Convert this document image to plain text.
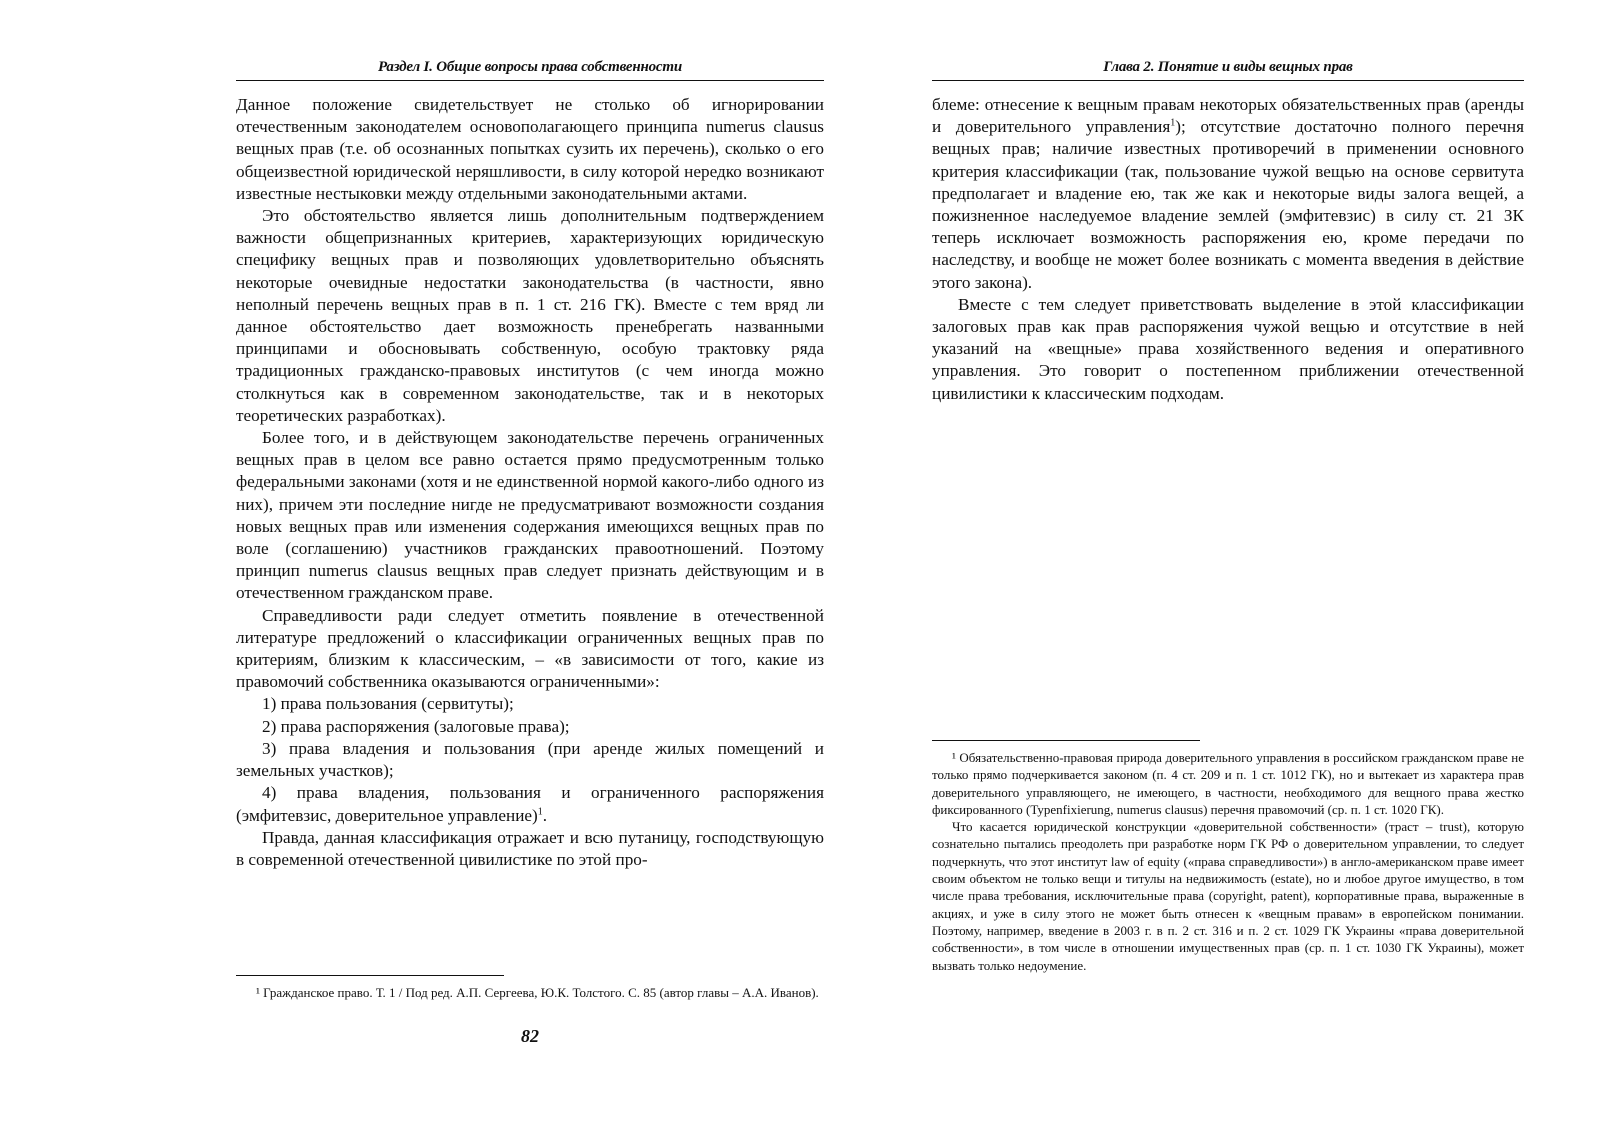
Раздел I. Общие вопросы права собственности

Данное положение свидетельствует не столько об игнорировании отечественным законодателем основополагающего принципа numerus clausus вещных прав (т.е. об осознанных попытках сузить их перечень), сколько о его общеизвестной юридической неряшливости, в силу которой нередко возникают известные нестыковки между отдельными законодательными актами.

Это обстоятельство является лишь дополнительным подтверждением важности общепризнанных критериев, характеризующих юридическую специфику вещных прав и позволяющих удовлетворительно объяснять некоторые очевидные недостатки законодательства (в частности, явно неполный перечень вещных прав в п. 1 ст. 216 ГК). Вместе с тем вряд ли данное обстоятельство дает возможность пренебрегать названными принципами и обосновывать собственную, особую трактовку ряда традиционных гражданско-правовых институтов (с чем иногда можно столкнуться как в современном законодательстве, так и в некоторых теоретических разработках).

Более того, и в действующем законодательстве перечень ограниченных вещных прав в целом все равно остается прямо предусмотренным только федеральными законами (хотя и не единственной нормой какого-либо одного из них), причем эти последние нигде не предусматривают возможности создания новых вещных прав или изменения содержания имеющихся вещных прав по воле (соглашению) участников гражданских правоотношений. Поэтому принцип numerus clausus вещных прав следует признать действующим и в отечественном гражданском праве.

Справедливости ради следует отметить появление в отечественной литературе предложений о классификации ограниченных вещных прав по критериям, близким к классическим, – «в зависимости от того, какие из правомочий собственника оказываются ограниченными»:

1) права пользования (сервитуты);

2) права распоряжения (залоговые права);

3) права владения и пользования (при аренде жилых помещений и земельных участков);

4) права владения, пользования и ограниченного распоряжения (эмфитевзис, доверительное управление)$^1$.

Правда, данная классификация отражает и всю путаницу, господствующую в современной отечественной цивилистике по этой про-

¹ Гражданское право. Т. 1 / Под ред. А.П. Сергеева, Ю.К. Толстого. С. 85 (автор главы – А.А. Иванов).

82
Глава 2. Понятие и виды вещных прав

блеме: отнесение к вещным правам некоторых обязательственных прав (аренды и доверительного управления$^1$); отсутствие достаточно полного перечня вещных прав; наличие известных противоречий в применении основного критерия классификации (так, пользование чужой вещью на основе сервитута предполагает и владение ею, так же как и некоторые виды залога вещей, а пожизненное наследуемое владение землей (эмфитевзис) в силу ст. 21 ЗК теперь исключает возможность распоряжения ею, кроме передачи по наследству, и вообще не может более возникать с момента введения в действие этого закона).

Вместе с тем следует приветствовать выделение в этой классификации залоговых прав как прав распоряжения чужой вещью и отсутствие в ней указаний на «вещные» права хозяйственного ведения и оперативного управления. Это говорит о постепенном приближении отечественной цивилистики к классическим подходам.

¹ Обязательственно-правовая природа доверительного управления в российском гражданском праве не только прямо подчеркивается законом (п. 4 ст. 209 и п. 1 ст. 1012 ГК), но и вытекает из характера прав доверительного управляющего, не имеющего, в частности, необходимого для вещного права жестко фиксированного (Typenfixierung, numerus clausus) перечня правомочий (ср. п. 1 ст. 1020 ГК).

Что касается юридической конструкции «доверительной собственности» (траст – trust), которую сознательно пытались преодолеть при разработке норм ГК РФ о доверительном управлении, то следует подчеркнуть, что этот институт law of equity («права справедливости») в англо-американском праве имеет своим объектом не только вещи и титулы на недвижимость (estate), но и любое другое имущество, в том числе права требования, исключительные права (copyright, patent), корпоративные права, выраженные в акциях, и уже в силу этого не может быть отнесен к «вещным правам» в европейском понимании. Поэтому, например, введение в 2003 г. в п. 2 ст. 316 и п. 2 ст. 1029 ГК Украины «права доверительной собственности», в том числе в отношении имущественных прав (ср. п. 1 ст. 1030 ГК Украины), может вызвать только недоумение.
